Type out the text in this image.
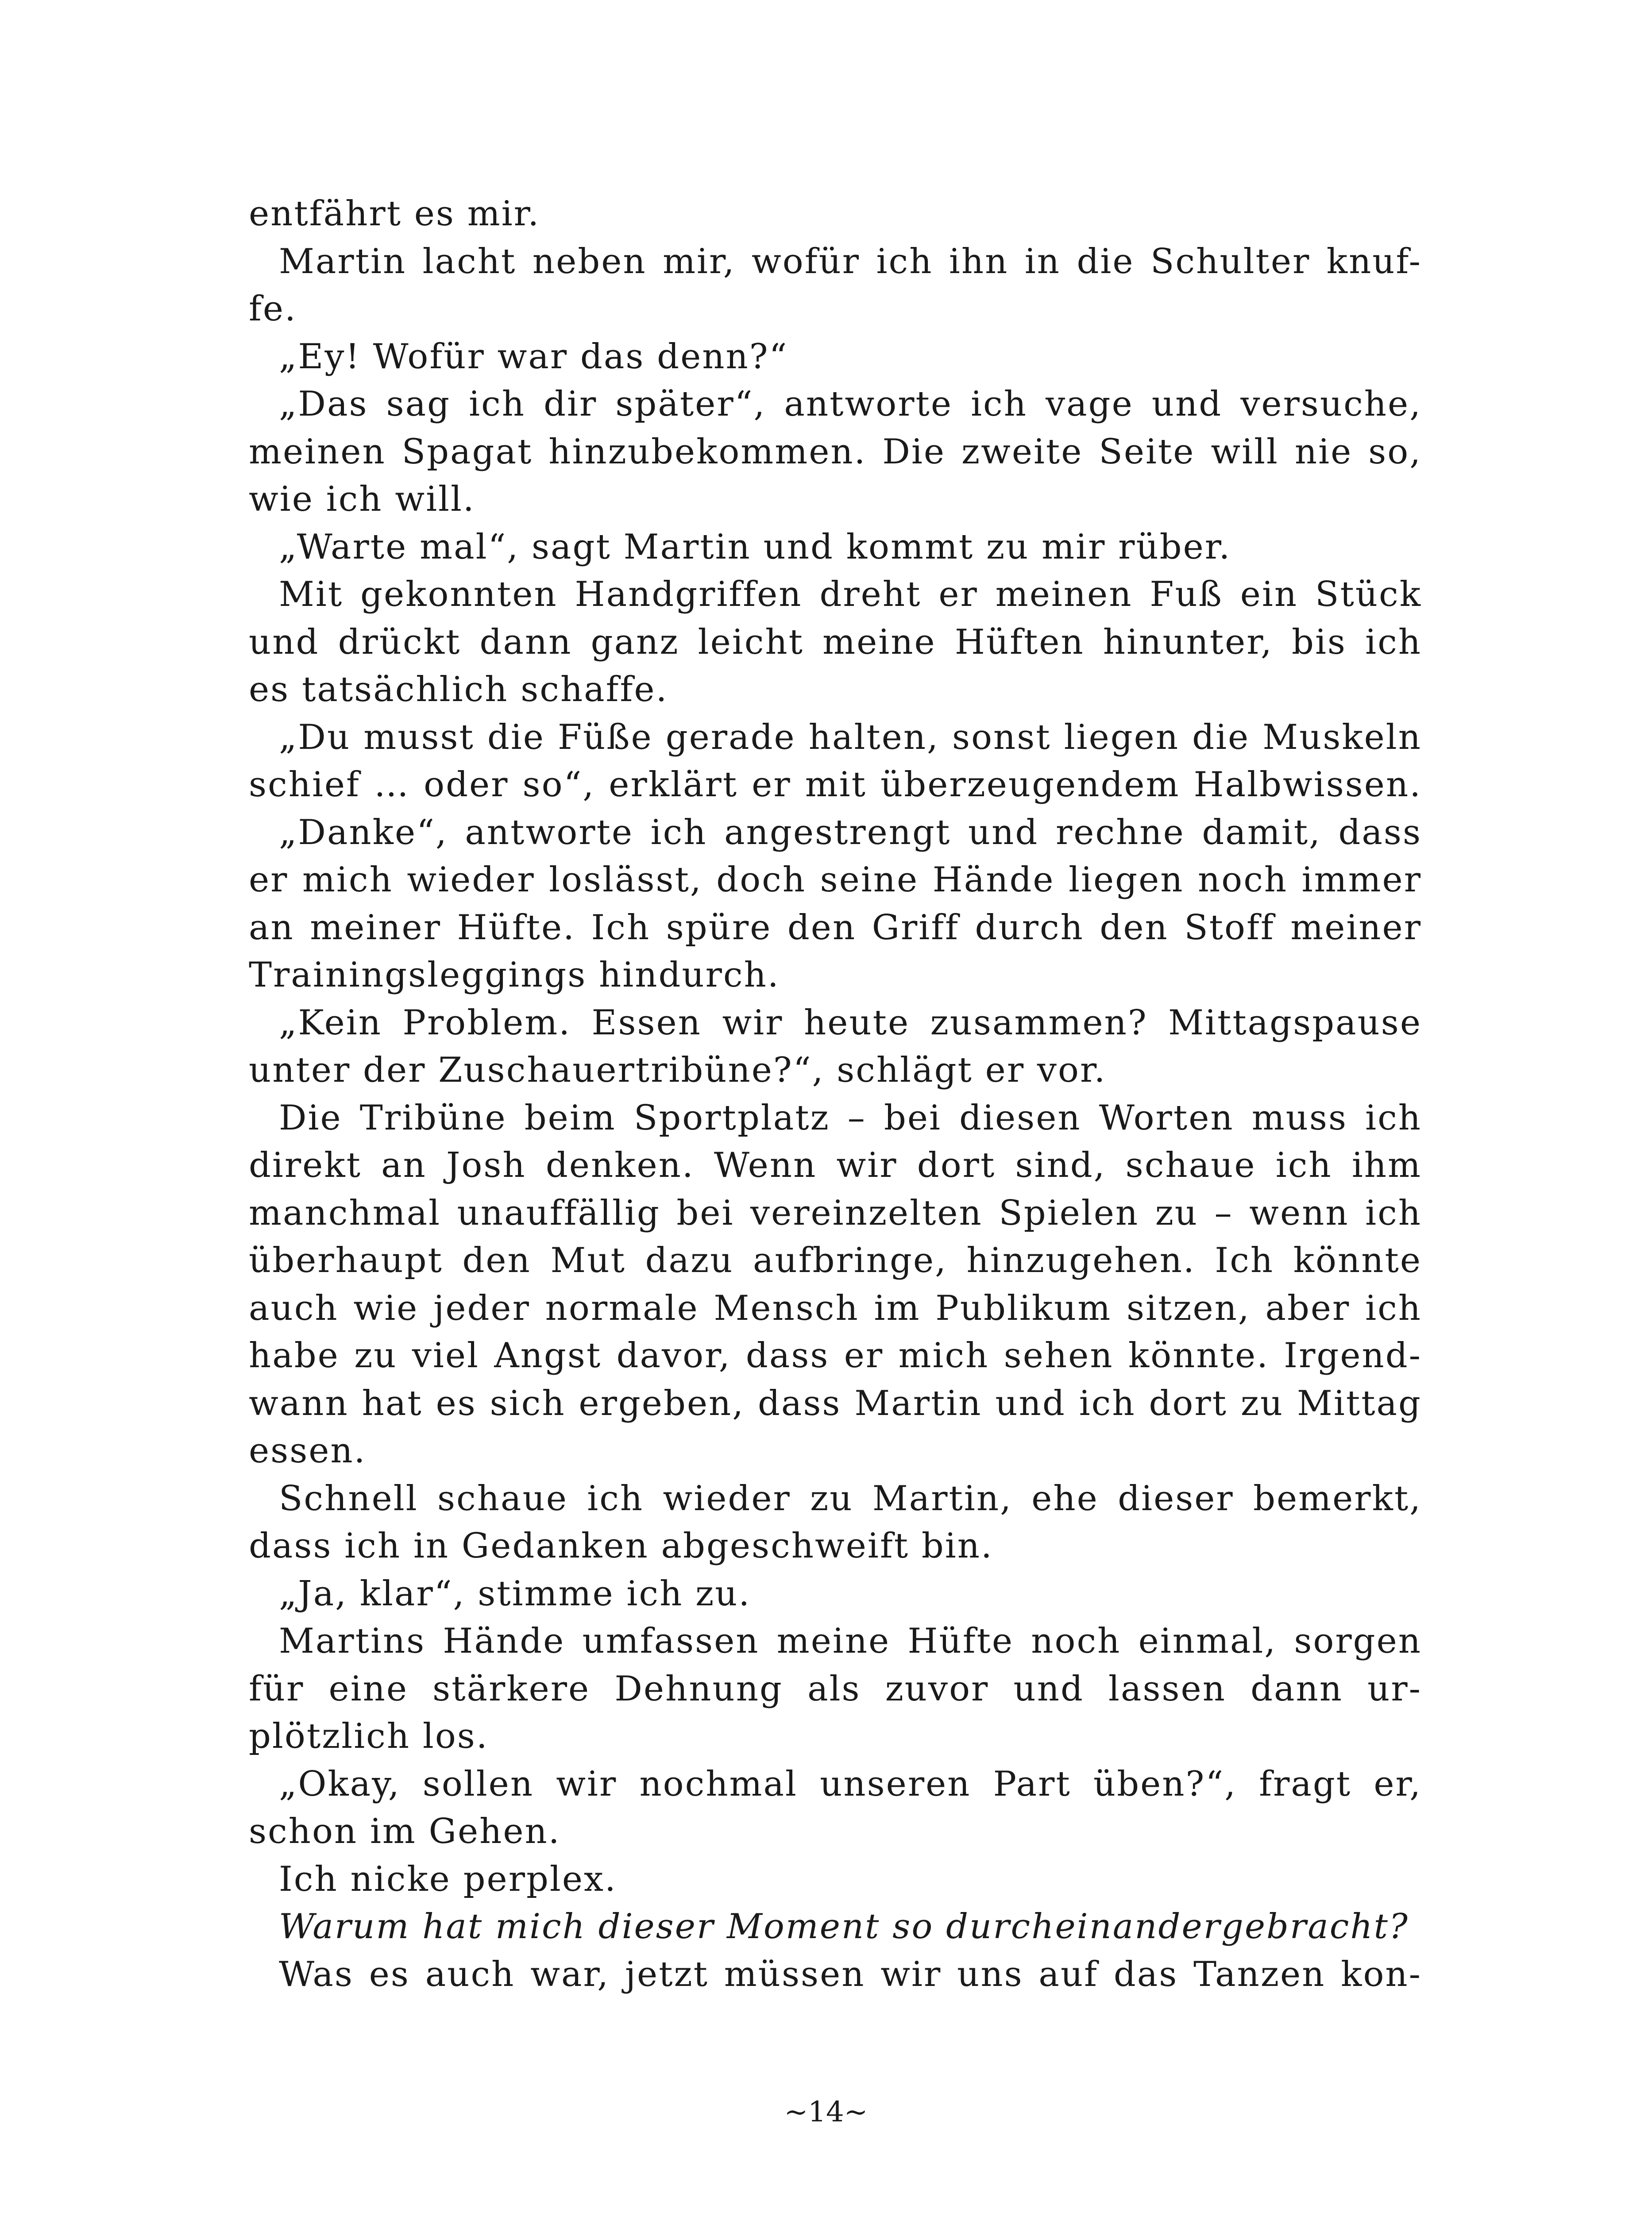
entfährt es mir.
Martin lacht neben mir, wofür ich ihn in die Schulter knuf-
fe.
„Ey! Wofür war das denn?“
„Das sag ich dir später“, antworte ich vage und versuche,
meinen Spagat hinzubekommen. Die zweite Seite will nie so,
wie ich will.
„Warte mal“, sagt Martin und kommt zu mir rüber.
Mit gekonnten Handgriffen dreht er meinen Fuß ein Stück
und drückt dann ganz leicht meine Hüften hinunter, bis ich
es tatsächlich schaffe.
„Du musst die Füße gerade halten, sonst liegen die Muskeln
schief … oder so“, erklärt er mit überzeugendem Halbwissen.
„Danke“, antworte ich angestrengt und rechne damit, dass
er mich wieder loslässt, doch seine Hände liegen noch immer
an meiner Hüfte. Ich spüre den Griff durch den Stoff meiner
Trainingsleggings hindurch.
„Kein Problem. Essen wir heute zusammen? Mittagspause
unter der Zuschauertribüne?“, schlägt er vor.
Die Tribüne beim Sportplatz – bei diesen Worten muss ich
direkt an Josh denken. Wenn wir dort sind, schaue ich ihm
manchmal unauffällig bei vereinzelten Spielen zu – wenn ich
überhaupt den Mut dazu aufbringe, hinzugehen. Ich könnte
auch wie jeder normale Mensch im Publikum sitzen, aber ich
habe zu viel Angst davor, dass er mich sehen könnte. Irgend-
wann hat es sich ergeben, dass Martin und ich dort zu Mittag
essen.
Schnell schaue ich wieder zu Martin, ehe dieser bemerkt,
dass ich in Gedanken abgeschweift bin.
„Ja, klar“, stimme ich zu.
Martins Hände umfassen meine Hüfte noch einmal, sorgen
für eine stärkere Dehnung als zuvor und lassen dann ur-
plötzlich los.
„Okay, sollen wir nochmal unseren Part üben?“, fragt er,
schon im Gehen.
Ich nicke perplex.
Warum hat mich dieser Moment so durcheinandergebracht?
Was es auch war, jetzt müssen wir uns auf das Tanzen kon-
~14~
